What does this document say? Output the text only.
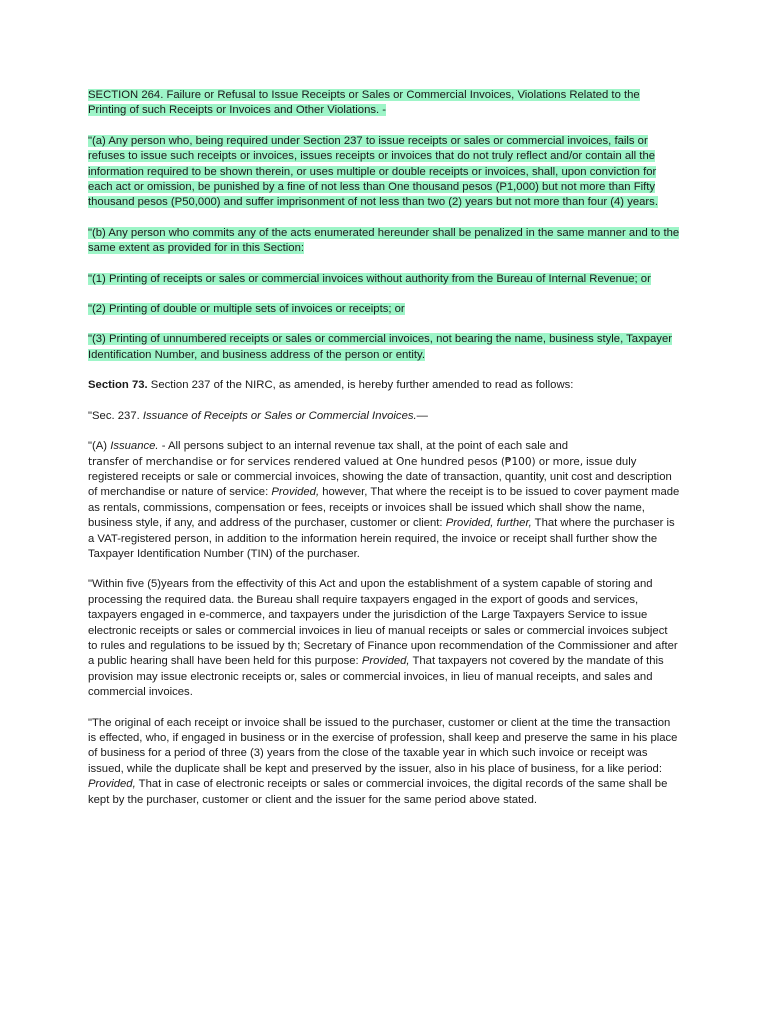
SECTION 264. Failure or Refusal to Issue Receipts or Sales or Commercial Invoices, Violations Related to the Printing of such Receipts or Invoices and Other Violations. -

"(a) Any person who, being required under Section 237 to issue receipts or sales or commercial invoices, fails or refuses to issue such receipts or invoices, issues receipts or invoices that do not truly reflect and/or contain all the information required to be shown therein, or uses multiple or double receipts or invoices, shall, upon conviction for each act or omission, be punished by a fine of not less than One thousand pesos (P1,000) but not more than Fifty thousand pesos (P50,000) and suffer imprisonment of not less than two (2) years but not more than four (4) years.

"(b) Any person who commits any of the acts enumerated hereunder shall be penalized in the same manner and to the same extent as provided for in this Section:

"(1) Printing of receipts or sales or commercial invoices without authority from the Bureau of Internal Revenue; or

"(2) Printing of double or multiple sets of invoices or receipts; or

"(3) Printing of unnumbered receipts or sales or commercial invoices, not bearing the name, business style, Taxpayer Identification Number, and business address of the person or entity.

Section 73. Section 237 of the NIRC, as amended, is hereby further amended to read as follows:

"Sec. 237. Issuance of Receipts or Sales or Commercial Invoices.—

"(A) Issuance. - All persons subject to an internal revenue tax shall, at the point of each sale and
transfer of merchandise or for services rendered valued at One hundred pesos (₱100) or more, issue duly registered receipts or sale or commercial invoices, showing the date of transaction, quantity, unit cost and description of merchandise or nature of service: Provided, however, That where the receipt is to be issued to cover payment made as rentals, commissions, compensation or fees, receipts or invoices shall be issued which shall show the name, business style, if any, and address of the purchaser, customer or client: Provided, further, That where the purchaser is a VAT-registered person, in addition to the information herein required, the invoice or receipt shall further show the Taxpayer Identification Number (TIN) of the purchaser.

"Within five (5)years from the effectivity of this Act and upon the establishment of a system capable of storing and processing the required data. the Bureau shall require taxpayers engaged in the export of goods and services, taxpayers engaged in e-commerce, and taxpayers under the jurisdiction of the Large Taxpayers Service to issue electronic receipts or sales or commercial invoices in lieu of manual receipts or sales or commercial invoices subject to rules and regulations to be issued by th; Secretary of Finance upon recommendation of the Commissioner and after a public hearing shall have been held for this purpose: Provided, That taxpayers not covered by the mandate of this provision may issue electronic receipts or, sales or commercial invoices, in lieu of manual receipts, and sales and commercial invoices.

"The original of each receipt or invoice shall be issued to the purchaser, customer or client at the time the transaction is effected, who, if engaged in business or in the exercise of profession, shall keep and preserve the same in his place of business for a period of three (3) years from the close of the taxable year in which such invoice or receipt was issued, while the duplicate shall be kept and preserved by the issuer, also in his place of business, for a like period: Provided, That in case of electronic receipts or sales or commercial invoices, the digital records of the same shall be kept by the purchaser, customer or client and the issuer for the same period above stated.
